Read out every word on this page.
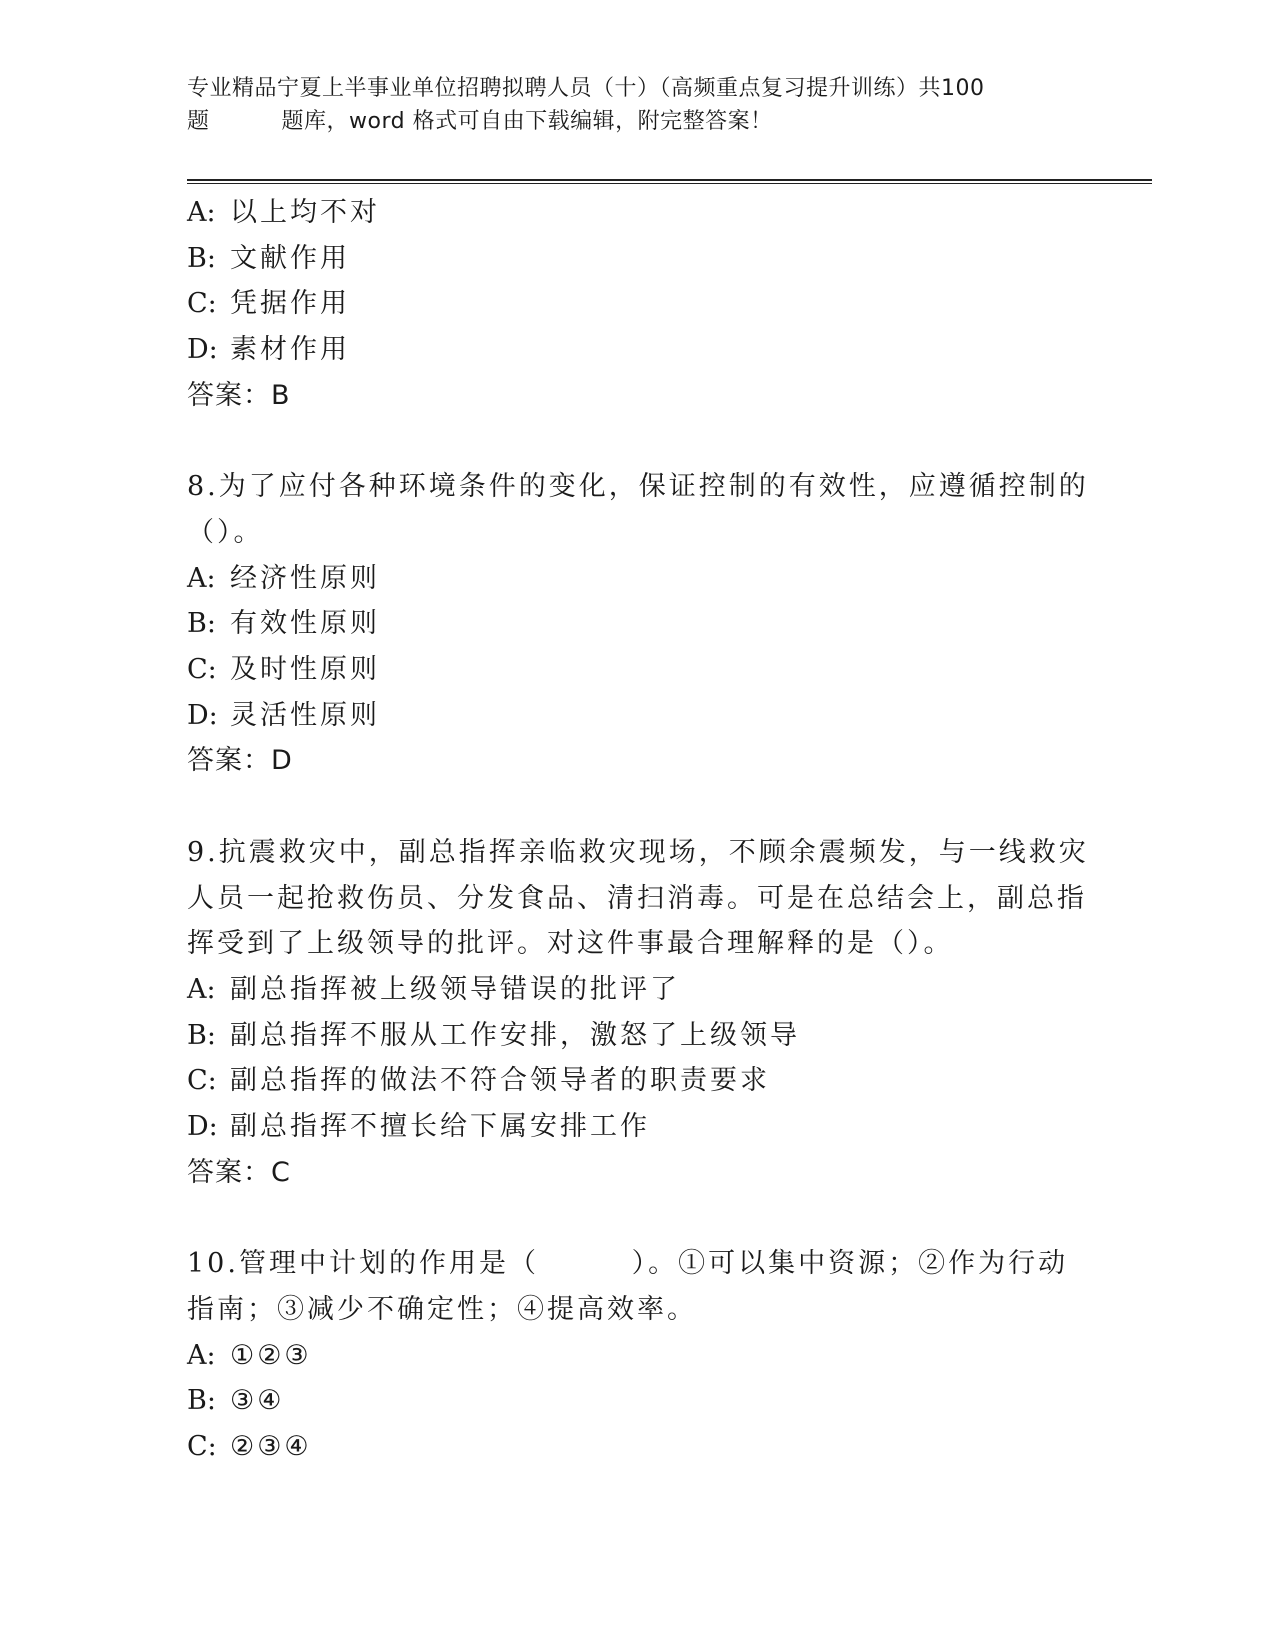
专业精品宁夏上半事业单位招聘拟聘人员（十）（高频重点复习提升训练）共100
题	题库，word 格式可自由下载编辑，附完整答案！
A: 以上均不对
B: 文献作用
C: 凭据作用
D: 素材作用
答案：B
8.为了应付各种环境条件的变化，保证控制的有效性，应遵循控制的
（）。
A: 经济性原则
B: 有效性原则
C: 及时性原则
D: 灵活性原则
答案：D
9.抗震救灾中，副总指挥亲临救灾现场，不顾余震频发，与一线救灾
人员一起抢救伤员、分发食品、清扫消毒。可是在总结会上，副总指
挥受到了上级领导的批评。对这件事最合理解释的是（）。
A: 副总指挥被上级领导错误的批评了
B: 副总指挥不服从工作安排，激怒了上级领导
C: 副总指挥的做法不符合领导者的职责要求
D: 副总指挥不擅长给下属安排工作
答案：C
10.管理中计划的作用是（        ）。①可以集中资源；②作为行动
指南；③减少不确定性；④提高效率。
A: ①②③
B: ③④
C: ②③④
